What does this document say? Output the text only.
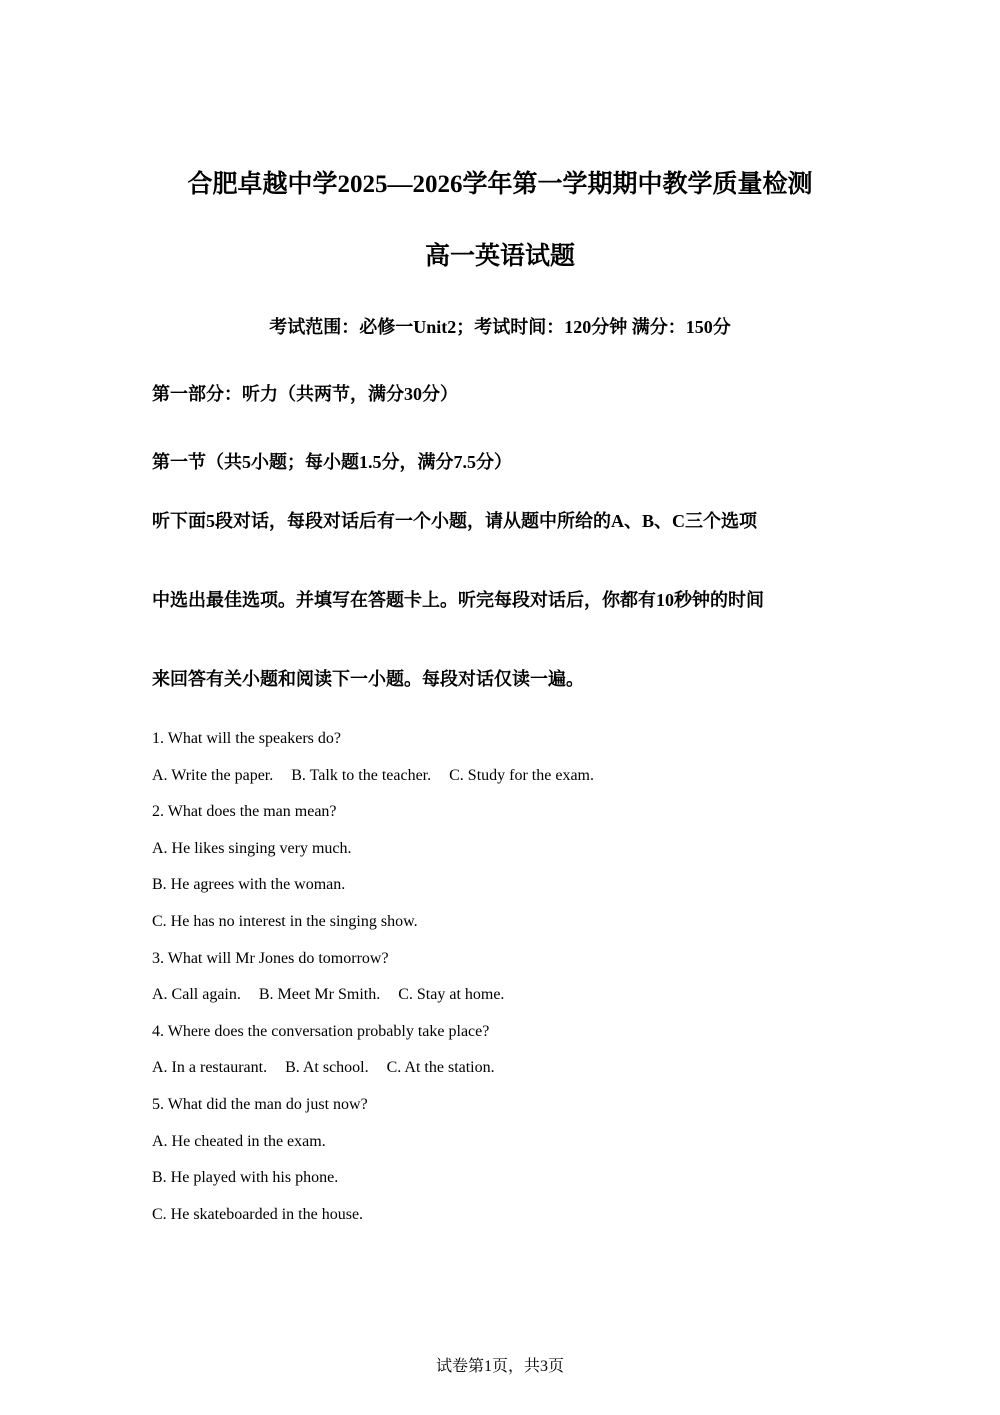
合肥卓越中学2025—2026学年第一学期期中教学质量检测
高一英语试题
考试范围：必修一Unit2；考试时间：120分钟 满分：150分
第一部分：听力（共两节，满分30分）
第一节（共5小题；每小题1.5分，满分7.5分）
听下面5段对话，每段对话后有一个小题，请从题中所给的A、B、C三个选项
中选出最佳选项。并填写在答题卡上。听完每段对话后，你都有10秒钟的时间
来回答有关小题和阅读下一小题。每段对话仅读一遍。
1. What will the speakers do?
A. Write the paper. B. Talk to the teacher. C. Study for the exam.
2. What does the man mean?
A. He likes singing very much.
B. He agrees with the woman.
C. He has no interest in the singing show.
3. What will Mr Jones do tomorrow?
A. Call again. B. Meet Mr Smith. C. Stay at home.
4. Where does the conversation probably take place?
A. In a restaurant. B. At school. C. At the station.
5. What did the man do just now?
A. He cheated in the exam.
B. He played with his phone.
C. He skateboarded in the house.
试卷第1页，共3页
